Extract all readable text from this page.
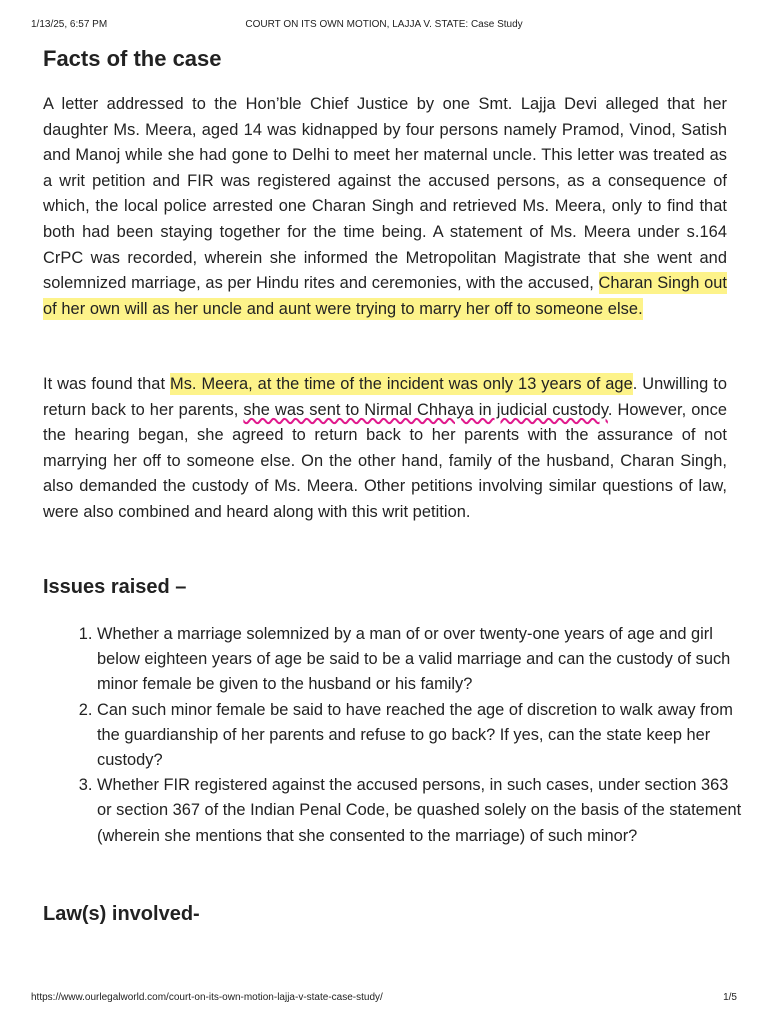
1/13/25, 6:57 PM	COURT ON ITS OWN MOTION, LAJJA V. STATE: Case Study
Facts of the case

A letter addressed to the Hon’ble Chief Justice by one Smt. Lajja Devi alleged that her daughter Ms. Meera, aged 14 was kidnapped by four persons namely Pramod, Vinod, Satish and Manoj while she had gone to Delhi to meet her maternal uncle. This letter was treated as a writ petition and FIR was registered against the accused persons, as a consequence of which, the local police arrested one Charan Singh and retrieved Ms. Meera, only to find that both had been staying together for the time being. A statement of Ms. Meera under s.164 CrPC was recorded, wherein she informed the Metropolitan Magistrate that she went and solemnized marriage, as per Hindu rites and ceremonies, with the accused, Charan Singh out of her own will as her uncle and aunt were trying to marry her off to someone else.

It was found that Ms. Meera, at the time of the incident was only 13 years of age. Unwilling to return back to her parents, she was sent to Nirmal Chhaya in judicial custody. However, once the hearing began, she agreed to return back to her parents with the assurance of not marrying her off to someone else. On the other hand, family of the husband, Charan Singh, also demanded the custody of Ms. Meera. Other petitions involving similar questions of law, were also combined and heard along with this writ petition.

Issues raised –
1. Whether a marriage solemnized by a man of or over twenty-one years of age and girl below eighteen years of age be said to be a valid marriage and can the custody of such minor female be given to the husband or his family?
2. Can such minor female be said to have reached the age of discretion to walk away from the guardianship of her parents and refuse to go back? If yes, can the state keep her custody?
3. Whether FIR registered against the accused persons, in such cases, under section 363 or section 367 of the Indian Penal Code, be quashed solely on the basis of the statement (wherein she mentions that she consented to the marriage) of such minor?
Law(s) involved-
https://www.ourlegalworld.com/court-on-its-own-motion-lajja-v-state-case-study/	1/5
